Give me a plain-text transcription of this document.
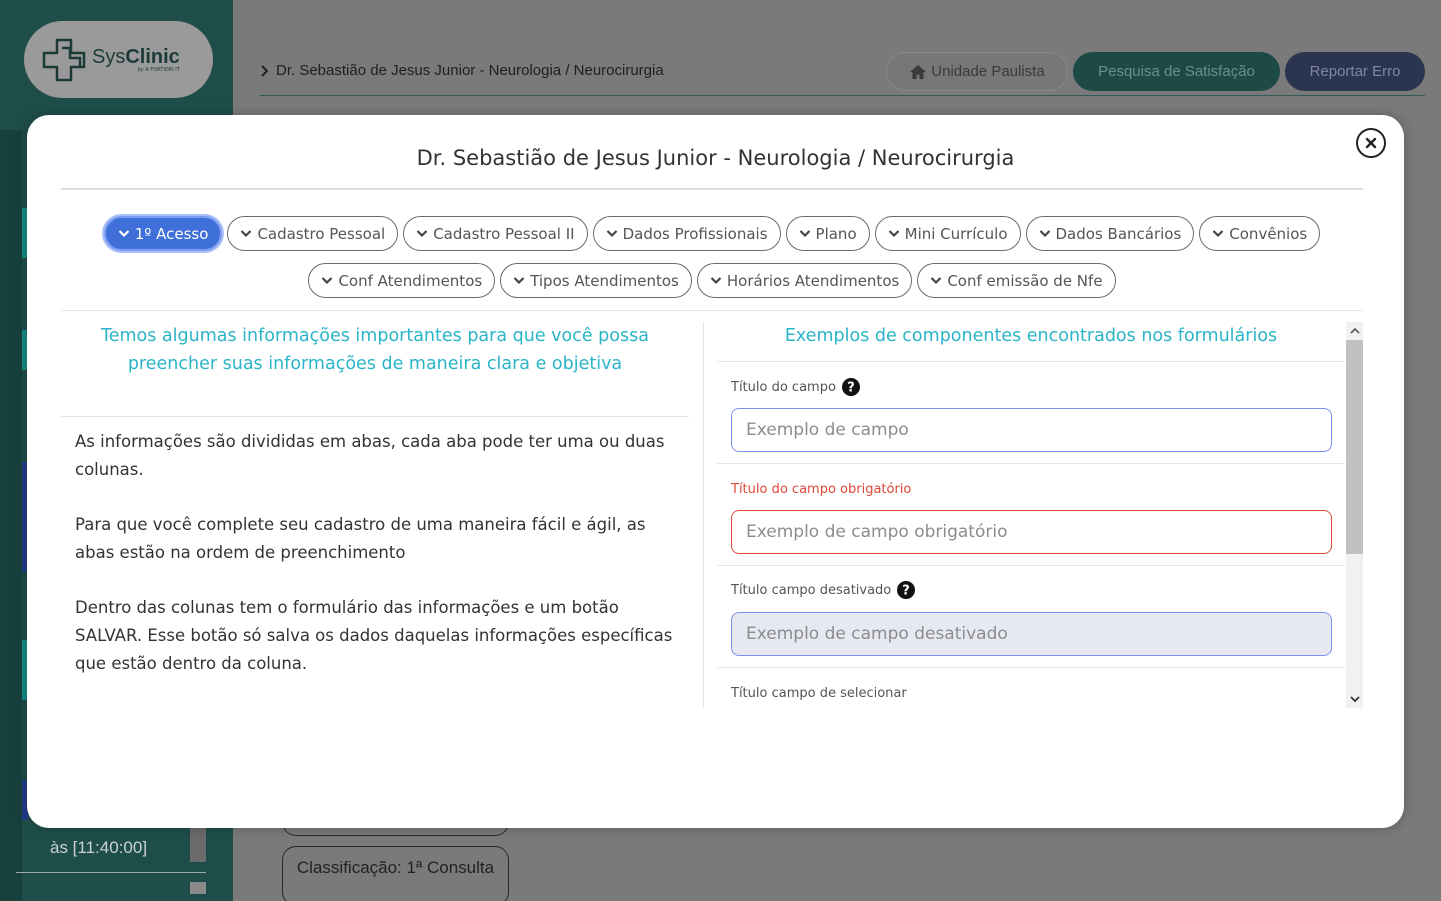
SysClinic
by A FORTIORI IT
às [11:40:00]
Dr. Sebastião de Jesus Junior - Neurologia / Neurocirurgia	Unidade Paulista	Pesquisa de Satisfação	Reportar Erro
Classificação: 1ª Consulta
Dr. Sebastião de Jesus Junior - Neurologia / Neurocirurgia
1º Acesso	Cadastro Pessoal	Cadastro Pessoal II	Dados Profissionais	Plano	Mini Currículo	Dados Bancários	Convênios
Conf Atendimentos	Tipos Atendimentos	Horários Atendimentos	Conf emissão de Nfe
Temos algumas informações importantes para que você possa preencher suas informações de maneira clara e objetiva

As informações são divididas em abas, cada aba pode ter uma ou duas colunas.

Para que você complete seu cadastro de uma maneira fácil e ágil, as abas estão na ordem de preenchimento

Dentro das colunas tem o formulário das informações e um botão SALVAR. Esse botão só salva os dados daquelas informações específicas que estão dentro da coluna.

Exemplos de componentes encontrados nos formulários
Título do campo ?
Exemplo de campo
Título do campo obrigatório
Exemplo de campo obrigatório
Título campo desativado ?
Exemplo de campo desativado
Título campo de selecionar
